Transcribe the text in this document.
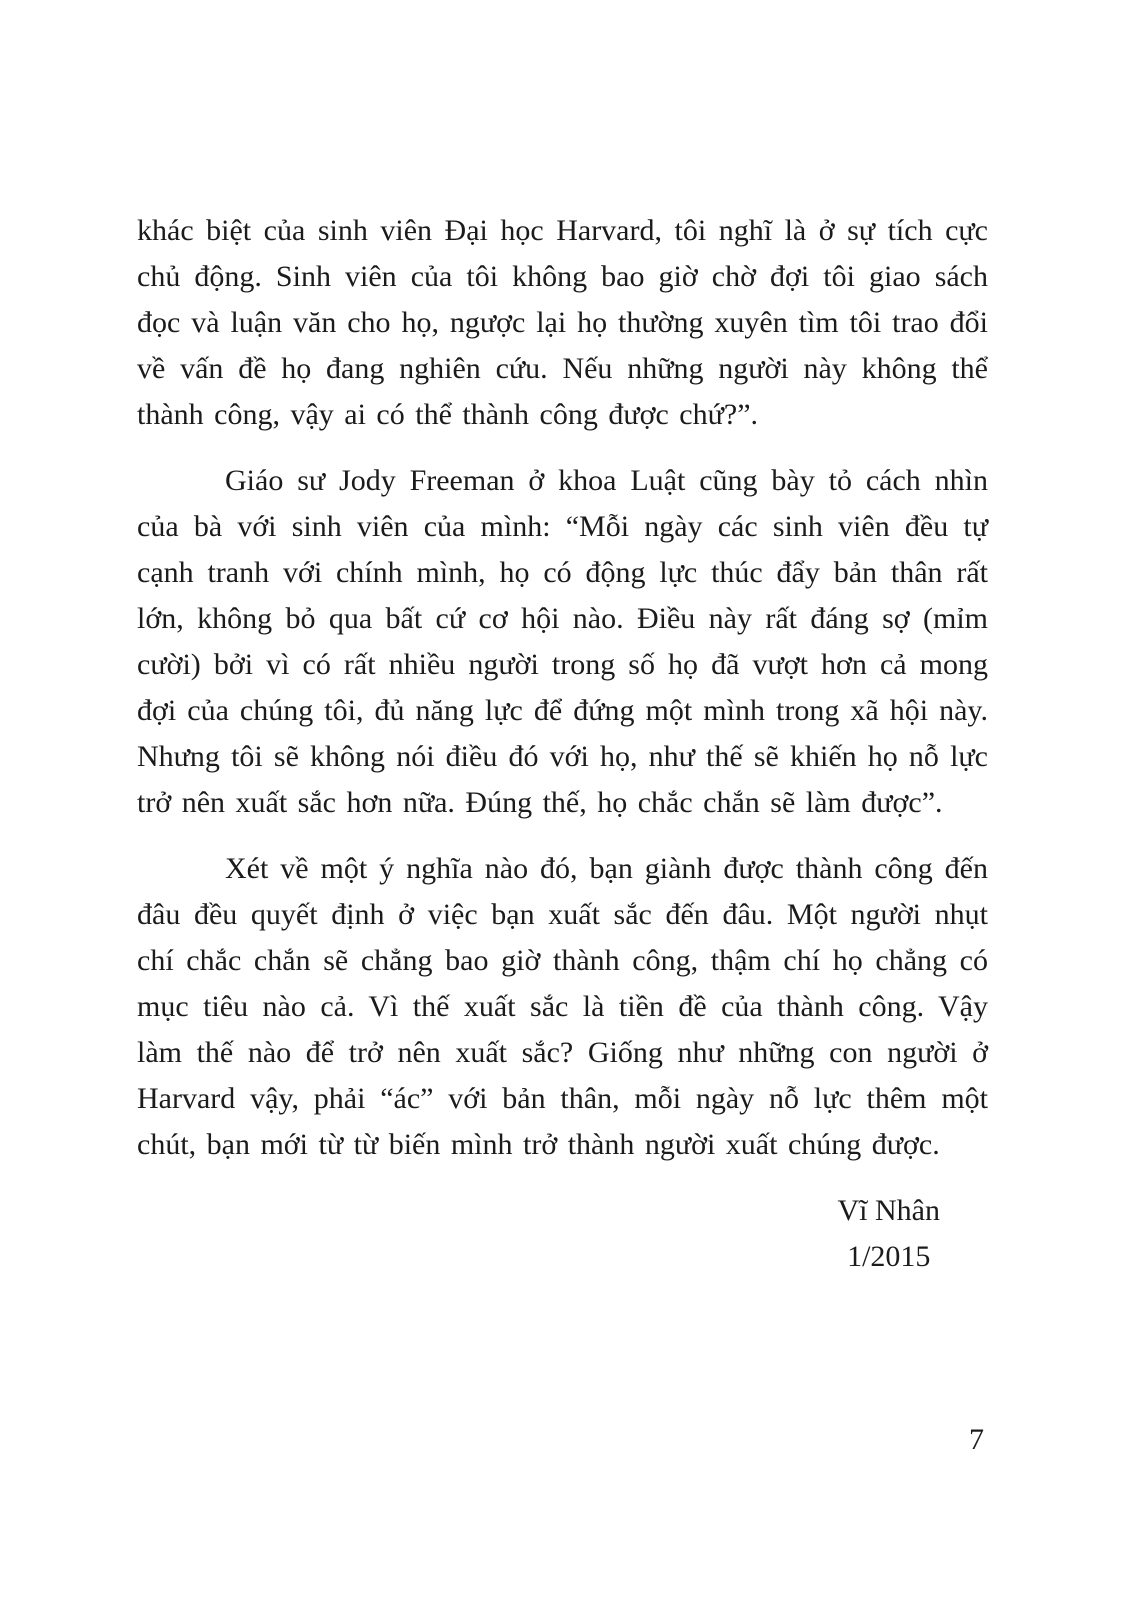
khác biệt của sinh viên Đại học Harvard, tôi nghĩ là ở sự tích cực chủ động. Sinh viên của tôi không bao giờ chờ đợi tôi giao sách đọc và luận văn cho họ, ngược lại họ thường xuyên tìm tôi trao đổi về vấn đề họ đang nghiên cứu. Nếu những người này không thể thành công, vậy ai có thể thành công được chứ?”.

Giáo sư Jody Freeman ở khoa Luật cũng bày tỏ cách nhìn của bà với sinh viên của mình: “Mỗi ngày các sinh viên đều tự cạnh tranh với chính mình, họ có động lực thúc đẩy bản thân rất lớn, không bỏ qua bất cứ cơ hội nào. Điều này rất đáng sợ (mỉm cười) bởi vì có rất nhiều người trong số họ đã vượt hơn cả mong đợi của chúng tôi, đủ năng lực để đứng một mình trong xã hội này. Nhưng tôi sẽ không nói điều đó với họ, như thế sẽ khiến họ nỗ lực trở nên xuất sắc hơn nữa. Đúng thế, họ chắc chắn sẽ làm được”.

Xét về một ý nghĩa nào đó, bạn giành được thành công đến đâu đều quyết định ở việc bạn xuất sắc đến đâu. Một người nhụt chí chắc chắn sẽ chẳng bao giờ thành công, thậm chí họ chẳng có mục tiêu nào cả. Vì thế xuất sắc là tiền đề của thành công. Vậy làm thế nào để trở nên xuất sắc? Giống như những con người ở Harvard vậy, phải “ác” với bản thân, mỗi ngày nỗ lực thêm một chút, bạn mới từ từ biến mình trở thành người xuất chúng được.

Vĩ Nhân
1/2015
7
